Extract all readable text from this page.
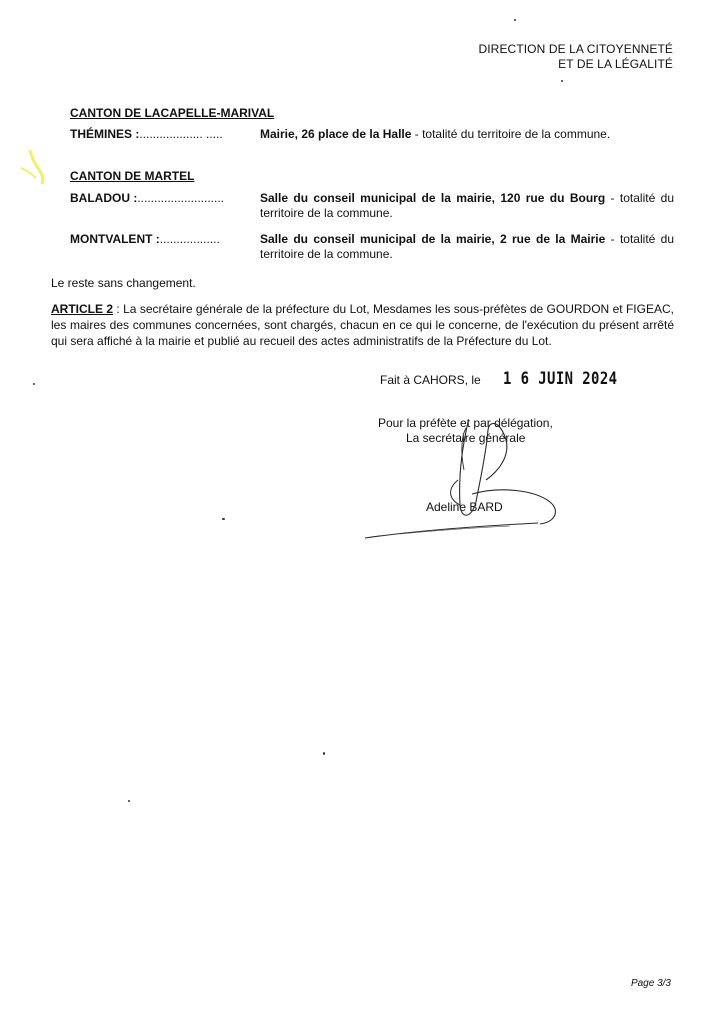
DIRECTION DE LA CITOYENNETÉ
ET DE LA LÉGALITÉ
CANTON DE LACAPELLE-MARIVAL
THÉMINES :................... .....	Mairie, 26 place de la Halle - totalité du territoire de la commune.
CANTON DE MARTEL
BALADOU :..........................	Salle du conseil municipal de la mairie, 120 rue du Bourg - totalité du territoire de la commune.
MONTVALENT :..................	Salle du conseil municipal de la mairie, 2 rue de la Mairie - totalité du territoire de la commune.
Le reste sans changement.
ARTICLE 2 : La secrétaire générale de la préfecture du Lot, Mesdames les sous-préfètes de GOURDON et FIGEAC, les maires des communes concernées, sont chargés, chacun en ce qui le concerne, de l'exécution du présent arrêté qui sera affiché à la mairie et publié au recueil des actes administratifs de la Préfecture du Lot.
Fait à CAHORS, le 1 6 JUIN 2024
Pour la préfète et par délégation,
La secrétaire générale
Adeline BARD
Page 3/3
